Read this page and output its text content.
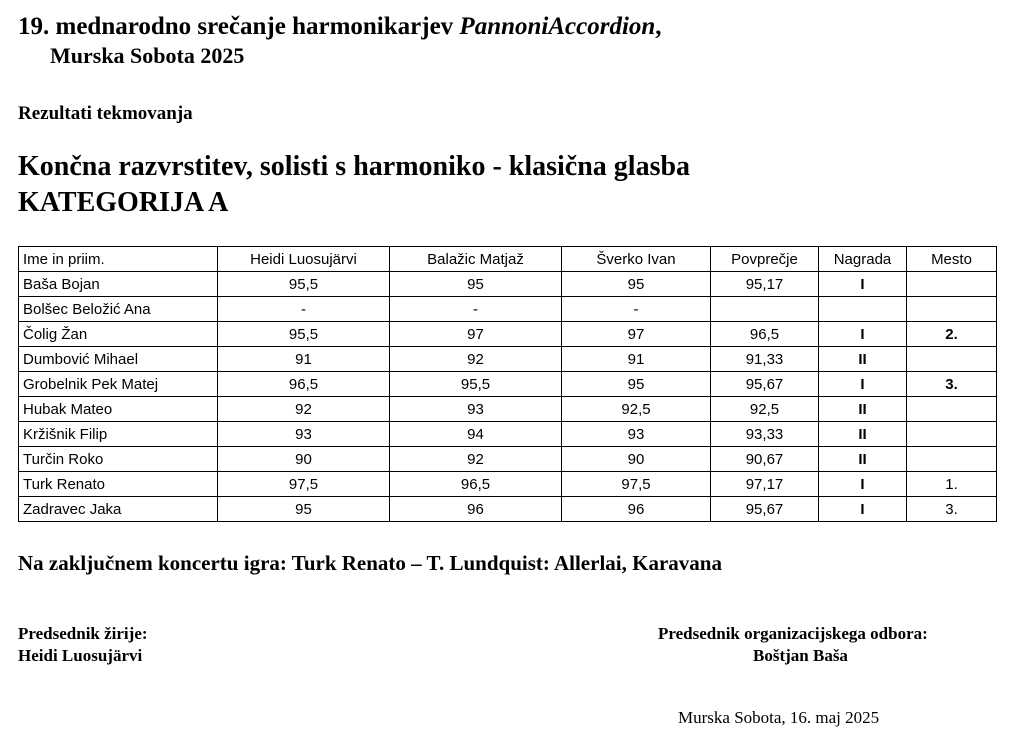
19. mednarodno srečanje harmonikarjev PannoniAccordion,
Murska Sobota 2025
Rezultati tekmovanja
Končna razvrstitev, solisti s harmoniko - klasična glasba
KATEGORIJA A
Ime in priim.	Heidi Luosujärvi	Balažic Matjaž	Šverko Ivan	Povprečje	Nagrada	Mesto
Baša Bojan	95,5	95	95	95,17	I	
Bolšec Beložić Ana	-	-	-			
Čolig Žan	95,5	97	97	96,5	I	2.
Dumbović Mihael	91	92	91	91,33	II	
Grobelnik Pek Matej	96,5	95,5	95	95,67	I	3.
Hubak Mateo	92	93	92,5	92,5	II	
Kržišnik Filip	93	94	93	93,33	II	
Turčin Roko	90	92	90	90,67	II	
Turk Renato	97,5	96,5	97,5	97,17	I	1.
Zadravec Jaka	95	96	96	95,67	I	3.
Na zaključnem koncertu igra: Turk Renato – T. Lundquist: Allerlai, Karavana
Predsednik žirije:
Heidi Luosujärvi
Predsednik organizacijskega odbora:
Boštjan Baša
Murska Sobota, 16. maj 2025
